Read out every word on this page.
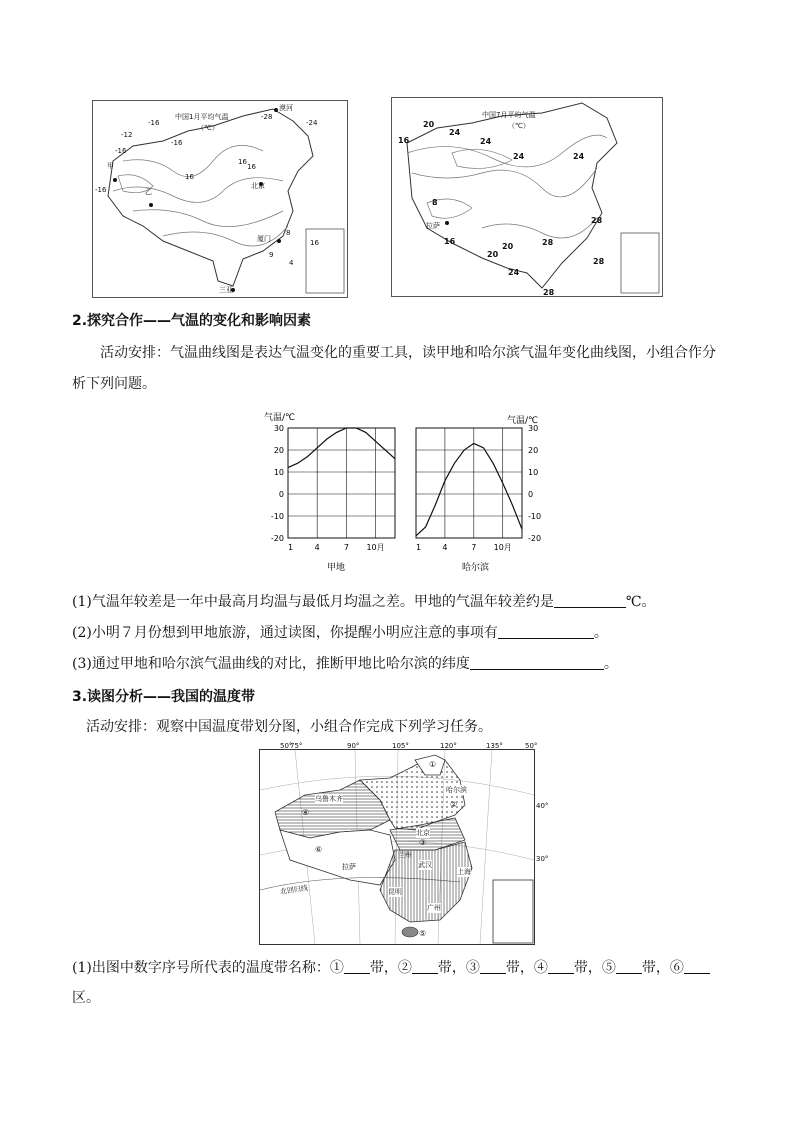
中国1月平均气温
（℃）
漠河
-28
-24
-16
-12
-16
-16
-16
甲
乙
16
16
16
北京
厦门
8
9
16
4
三亚
中国7月平均气温
（℃）
16
20
24
24
24	24
8
拉萨
16
20
20
24
28
28
28
28
2.探究合作——气温的变化和影响因素
活动安排：气温曲线图是表达气温变化的重要工具，读甲地和哈尔滨气温年变化曲线图，小组合作分
析下列问题。
气温/℃	气温/℃
30
20
10
0
-10
-20
1	4	7 10月
30
20
10
0
-10
-20
1	4	7 10月
甲地	哈尔滨
(1)气温年较差是一年中最高月均温与最低月均温之差。甲地的气温年较差约是	℃。
(2)小明７月份想到甲地旅游，通过读图，你提醒小明应注意的事项有	。
(3)通过甲地和哈尔滨气温曲线的对比，推断甲地比哈尔滨的纬度	。
3.读图分析——我国的温度带
活动安排：观察中国温度带划分图，小组合作完成下列学习任务。
50°
75°	90°	105°	120°	135°	50°
40°
30°
乌鲁木齐
哈尔滨
北京
兰州
拉萨	武汉
上海
昆明
广州
北回归线
①
②
③
④
⑤
⑥
(1)出图中数字序号所代表的温度带名称：① 带，② 带，③ 带，④ 带，⑤ 带，⑥
区。
